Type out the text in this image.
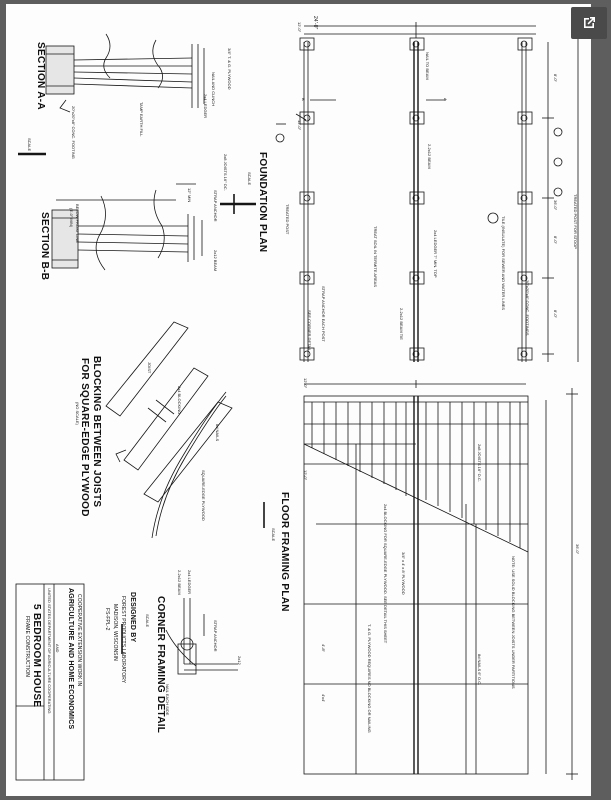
SECTION A-A
SCALE
3/4" T. & G. PLYWOOD
NAIL AND CLINCH
2x4 LEDGER
TAMP EARTH FILL
20"x20"x8" CONC. FOOTING
2x8 JOISTS 16" OC.
SECTION B-B	BELOW FROST LINE
(4'-0" MIN)
12" MIN	STRAP ANCHOR
2x12 BEAM
FOUNDATION PLAN
SCALE
24'-0"
12'-0"
12'-0"
8'-0"
36'-0"
8'-0"
8'-0"
NAIL TO BEAM
TREATED POST FOR STOOP
TREATED POST
2-2x12 BEAM
2x4 LEDGER 7" MIN. TOP
TREAT SOIL IN TERMITE AREAS	TILE (INSULATE) FOR SEWER AND WATER LINES	20"x20"x8" CONC. FOOTINGS
STRAP ANCHOR EACH POST
SEE CORNER DETAIL	2-2x12 BEAM TIE
B	A
BLOCKING BETWEEN JOISTS
FOR SQUARE-EDGE PLYWOOD
(NO SCALE)
JOIST
2x4 BLOCKING
8d NAILS
SQUARE-EDGE PLYWOOD	FLOOR FRAMING PLAN
SCALE
12'-0"
12'-0"
36'-0"
2x8 JOISTS 16" O.C.
2x4 BLOCKING FOR SQUARE-EDGE PLYWOOD. SEE DETAIL THIS SHEET
T. & G. PLYWOOD REQUIRES NO BLOCKING OR NAILING
3/4" x 4' x 8' PLYWOOD	NOTE: USE SOLID BLOCKING BETWEEN JOISTS UNDER PARTITIONS
8d NAILS 6" O.C.
4'-8"
4'x4'
CORNER FRAMING DETAIL
SCALE
2x4 LEDGER
2-2x12 BEAM
STRAP ANCHOR
NAIL EACH SIDE
2x12
DESIGNED BY
FOREST PRODUCTS LABORATORY
MADISON, WISCONSIN
FS-FPL-2
COOPERATIVE EXTENSION WORK IN
AGRICULTURE AND HOME ECONOMICS
AND
UNITED STATES DEPARTMENT OF AGRICULTURE COOPERATING
5 BEDROOM HOUSE
FRAME CONSTRUCTION
